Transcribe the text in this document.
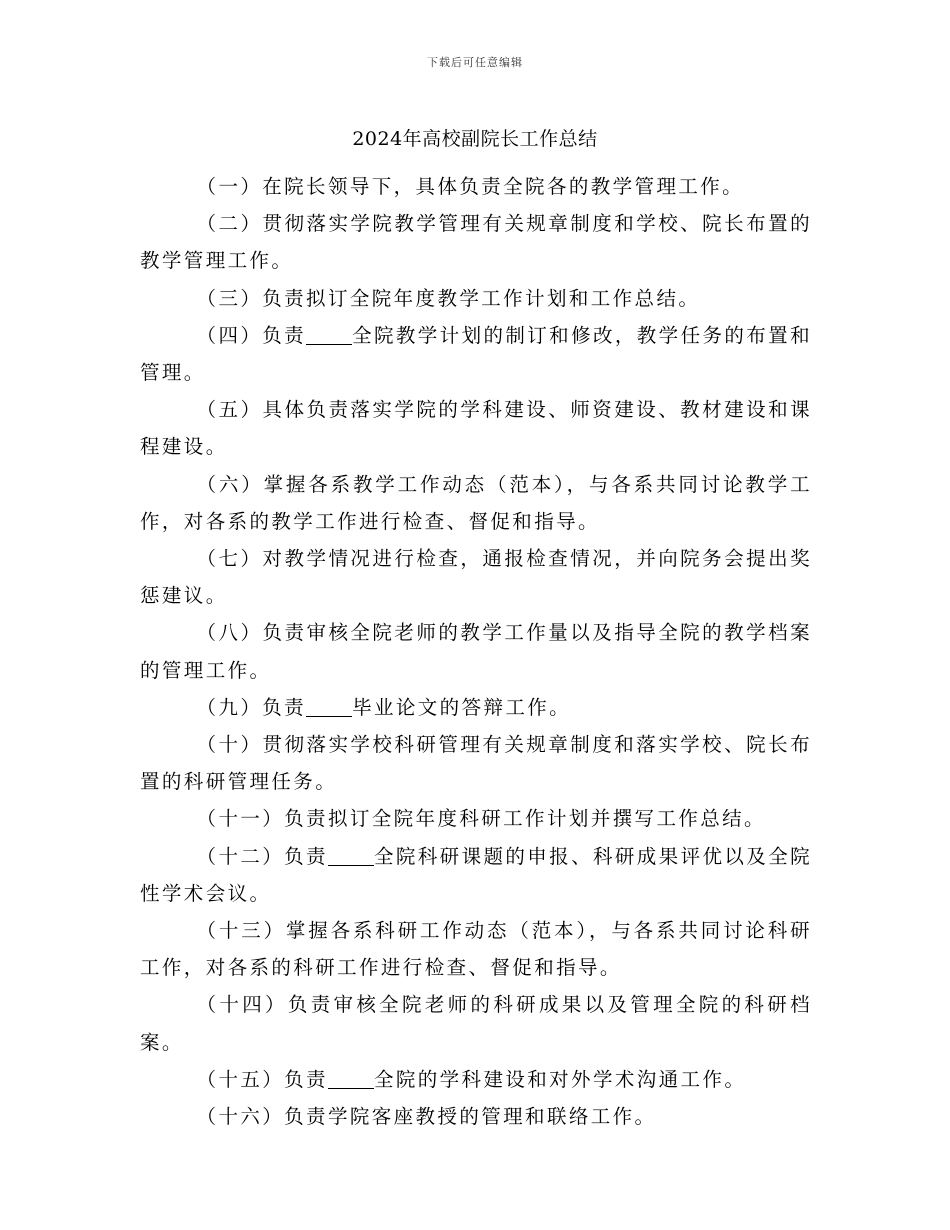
下载后可任意编辑
2024年高校副院长工作总结

（一）在院长领导下，具体负责全院各的教学管理工作。

（二）贯彻落实学院教学管理有关规章制度和学校、院长布置的教学管理工作。

（三）负责拟订全院年度教学工作计划和工作总结。

（四）负责 全院教学计划的制订和修改，教学任务的布置和管理。

（五）具体负责落实学院的学科建设、师资建设、教材建设和课程建设。

（六）掌握各系教学工作动态（范本），与各系共同讨论教学工作，对各系的教学工作进行检查、督促和指导。

（七）对教学情况进行检查，通报检查情况，并向院务会提出奖惩建议。

（八）负责审核全院老师的教学工作量以及指导全院的教学档案的管理工作。

（九）负责 毕业论文的答辩工作。

（十）贯彻落实学校科研管理有关规章制度和落实学校、院长布置的科研管理任务。

（十一）负责拟订全院年度科研工作计划并撰写工作总结。

（十二）负责 全院科研课题的申报、科研成果评优以及全院性学术会议。

（十三）掌握各系科研工作动态（范本），与各系共同讨论科研工作，对各系的科研工作进行检查、督促和指导。

（十四）负责审核全院老师的科研成果以及管理全院的科研档案。

（十五）负责 全院的学科建设和对外学术沟通工作。

（十六）负责学院客座教授的管理和联络工作。
